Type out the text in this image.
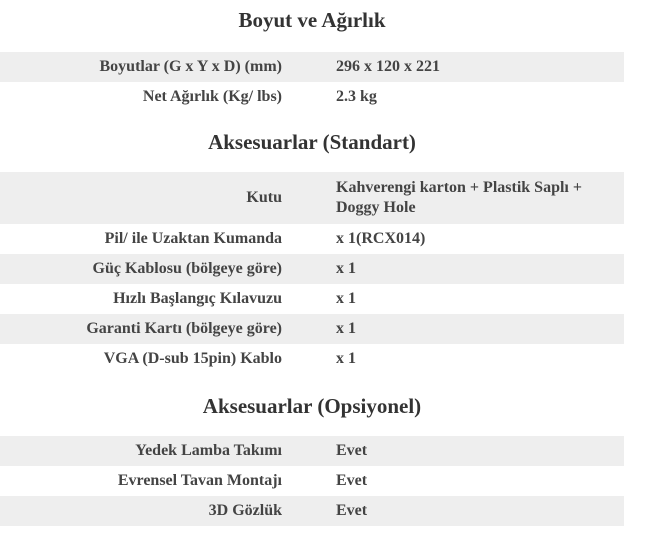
Boyut ve Ağırlık
Boyutlar (G x Y x D) (mm)	296 x 120 x 221
Net Ağırlık (Kg/ lbs)	2.3 kg
Aksesuarlar (Standart)
Kutu	Kahverengi karton + Plastik Saplı + Doggy Hole
Pil/ ile Uzaktan Kumanda	x 1(RCX014)
Güç Kablosu (bölgeye göre)	x 1
Hızlı Başlangıç Kılavuzu	x 1
Garanti Kartı (bölgeye göre)	x 1
VGA (D-sub 15pin) Kablo	x 1
Aksesuarlar (Opsiyonel)
Yedek Lamba Takımı	Evet
Evrensel Tavan Montajı	Evet
3D Gözlük	Evet
